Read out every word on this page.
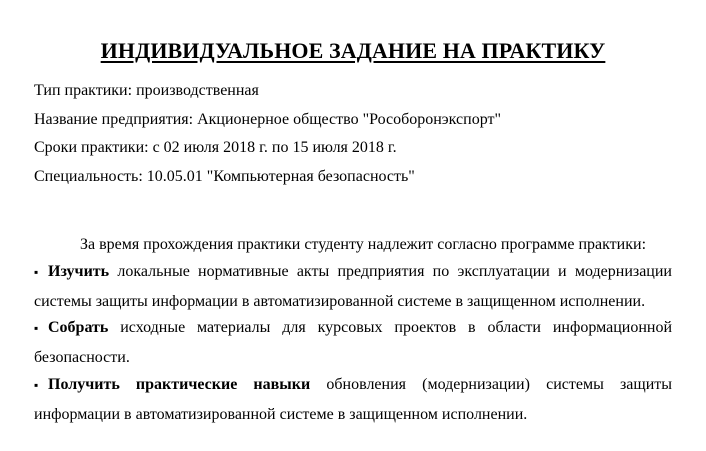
ИНДИВИДУАЛЬНОЕ ЗАДАНИЕ НА ПРАКТИКУ
Тип практики: производственная
Название предприятия: Акционерное общество "Рособоронэкспорт"
Сроки практики: с 02 июля 2018 г. по 15 июля 2018 г.
Специальность: 10.05.01 "Компьютерная безопасность"
За время прохождения практики студенту надлежит согласно программе практики:
▪ Изучить локальные нормативные акты предприятия по эксплуатации и модернизации
системы защиты информации в автоматизированной системе в защищенном исполнении.
▪ Собрать исходные материалы для курсовых проектов в области информационной
безопасности.
▪ Получить практические навыки обновления (модернизации) системы защиты
информации в автоматизированной системе в защищенном исполнении.
